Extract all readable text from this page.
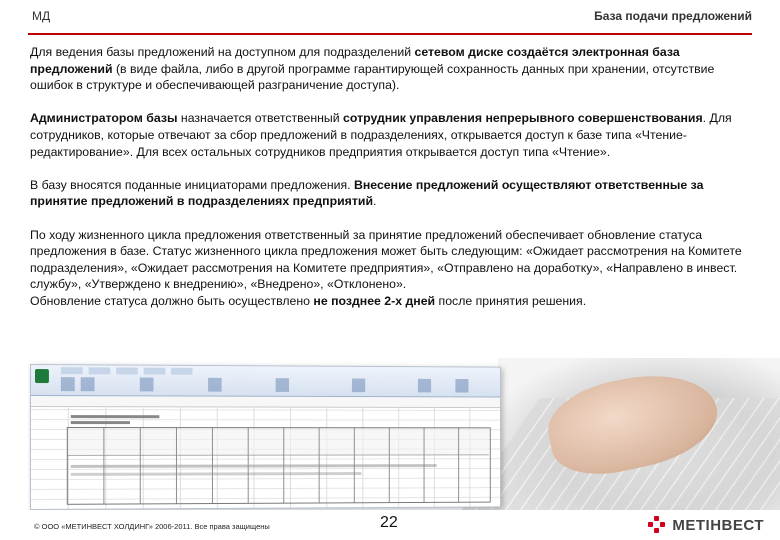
МД	База подачи предложений

Для ведения базы предложений на доступном для подразделений сетевом диске создаётся электронная база предложений (в виде файла, либо в другой программе гарантирующей сохранность данных при хранении, отсутствие ошибок в структуре и обеспечивающей разграничение доступа).

Администратором базы назначается ответственный сотрудник управления непрерывного совершенствования. Для сотрудников, которые отвечают за сбор предложений в подразделениях, открывается доступ к базе типа «Чтение-редактирование». Для всех остальных сотрудников предприятия открывается доступ типа «Чтение».

В базу вносятся поданные инициаторами предложения. Внесение предложений осуществляют ответственные за принятие предложений в подразделениях предприятий.

По ходу жизненного цикла предложения ответственный за принятие предложений обеспечивает обновление статуса предложения в базе. Статус жизненного цикла предложения может быть следующим: «Ожидает рассмотрения на Комитете подразделения», «Ожидает рассмотрения на Комитете предприятия», «Отправлено на доработку», «Направлено в инвест. службу», «Утверждено к внедрению», «Внедрено», «Отклонено».

Обновление статуса должно быть осуществлено не позднее 2-х дней после принятия решения.

© ООО «МЕТИНВЕСТ ХОЛДИНГ» 2006-2011. Все права защищены	22	МЕТІНВЕСТ
